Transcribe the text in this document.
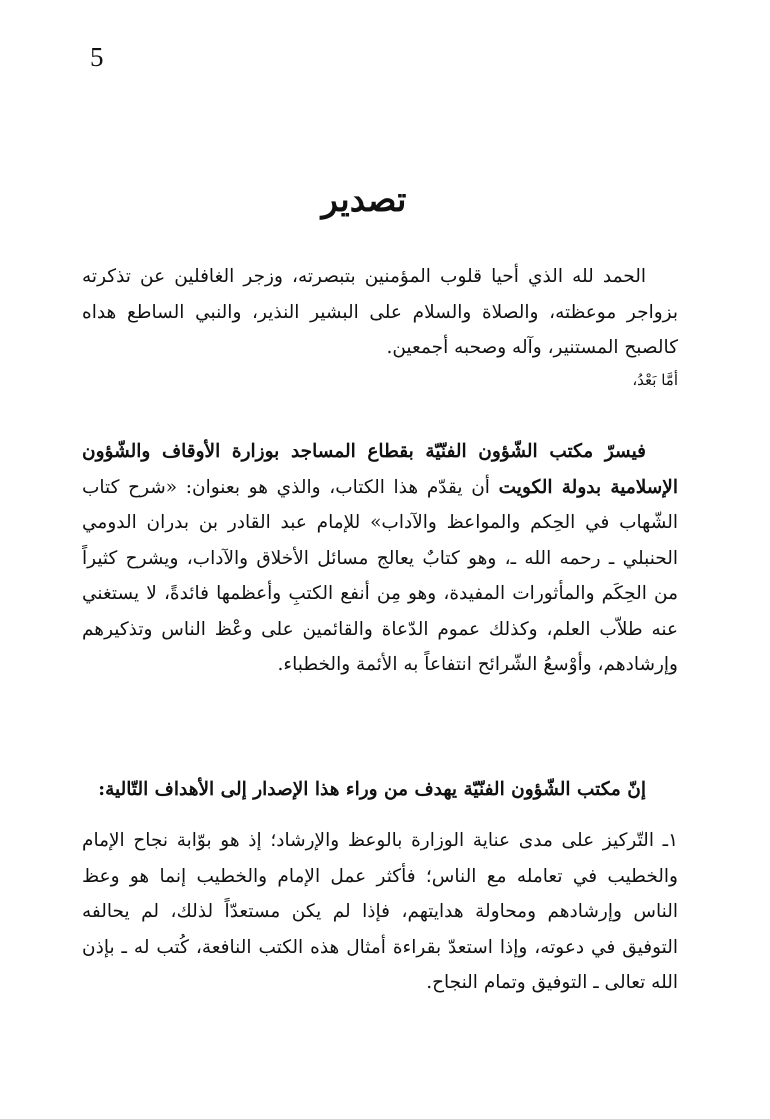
5
تصدير
الحمد لله الذي أحيا قلوب المؤمنين بتبصرته، وزجر الغافلين عن تذكرته بزواجر موعظته، والصلاة والسلام على البشير النذير، والنبي الساطع هداه كالصبح المستنير، وآله وصحبه أجمعين.
أمَّا بَعْدُ،
فيسرّ مكتب الشّؤون الفنّيّة بقطاع المساجد بوزارة الأوقاف والشّؤون الإسلامية بدولة الكويت أن يقدّم هذا الكتاب، والذي هو بعنوان: «شرح كتاب الشّهاب في الحِكم والمواعظ والآداب» للإمام عبد القادر بن بدران الدومي الحنبلي ـ رحمه الله ـ، وهو كتابٌ يعالج مسائل الأخلاق والآداب، ويشرح كثيراً من الحِكَم والمأثورات المفيدة، وهو مِن أنفع الكتبِ وأعظمها فائدةً، لا يستغني عنه طلاّب العلم، وكذلك عموم الدّعاة والقائمين على وعْظ الناس وتذكيرهم وإرشادهم، وأوْسعُ الشّرائح انتفاعاً به الأئمة والخطباء.
إنّ مكتب الشّؤون الفنّيّة يهدف من وراء هذا الإصدار إلى الأهداف التّالية:
١ـ التّركيز على مدى عناية الوزارة بالوعظ والإرشاد؛ إذ هو بوّابة نجاح الإمام والخطيب في تعامله مع الناس؛ فأكثر عمل الإمام والخطيب إنما هو وعظ الناس وإرشادهم ومحاولة هدايتهم، فإذا لم يكن مستعدّاً لذلك، لم يحالفه التوفيق في دعوته، وإذا استعدّ بقراءة أمثال هذه الكتب النافعة، كُتب له ـ بإذن الله تعالى ـ التوفيق وتمام النجاح.
